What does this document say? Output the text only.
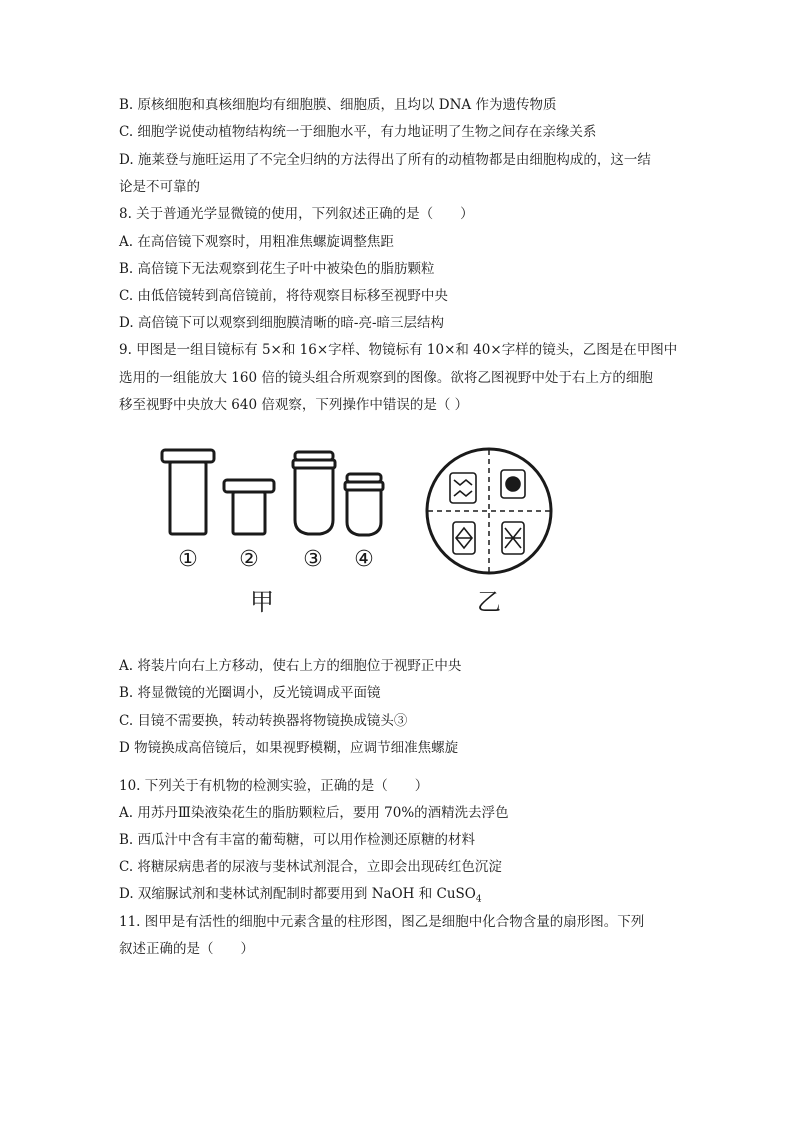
B. 原核细胞和真核细胞均有细胞膜、细胞质，且均以 DNA 作为遗传物质
C. 细胞学说使动植物结构统一于细胞水平，有力地证明了生物之间存在亲缘关系
D. 施莱登与施旺运用了不完全归纳的方法得出了所有的动植物都是由细胞构成的，这一结
论是不可靠的
8. 关于普通光学显微镜的使用，下列叙述正确的是（　　）
A. 在高倍镜下观察时，用粗准焦螺旋调整焦距
B. 高倍镜下无法观察到花生子叶中被染色的脂肪颗粒
C. 由低倍镜转到高倍镜前，将待观察目标移至视野中央
D. 高倍镜下可以观察到细胞膜清晰的暗-亮-暗三层结构
9. 甲图是一组目镜标有 5×和 16×字样、物镜标有 10×和 40×字样的镜头，乙图是在甲图中
选用的一组能放大 160 倍的镜头组合所观察到的图像。欲将乙图视野中处于右上方的细胞
移至视野中央放大 640 倍观察，下列操作中错误的是（ ）
① ② ③ ④
甲	乙
A. 将装片向右上方移动，使右上方的细胞位于视野正中央
B. 将显微镜的光圈调小，反光镜调成平面镜
C. 目镜不需要换，转动转换器将物镜换成镜头③
D 物镜换成高倍镜后，如果视野模糊，应调节细准焦螺旋
10. 下列关于有机物的检测实验，正确的是（　　）
A. 用苏丹Ⅲ染液染花生的脂肪颗粒后，要用 70%的酒精洗去浮色
B. 西瓜汁中含有丰富的葡萄糖，可以用作检测还原糖的材料
C. 将糖尿病患者的尿液与斐林试剂混合，立即会出现砖红色沉淀
D. 双缩脲试剂和斐林试剂配制时都要用到 NaOH 和 CuSO$_4$
11. 图甲是有活性的细胞中元素含量的柱形图，图乙是细胞中化合物含量的扇形图。下列
叙述正确的是（　　）
